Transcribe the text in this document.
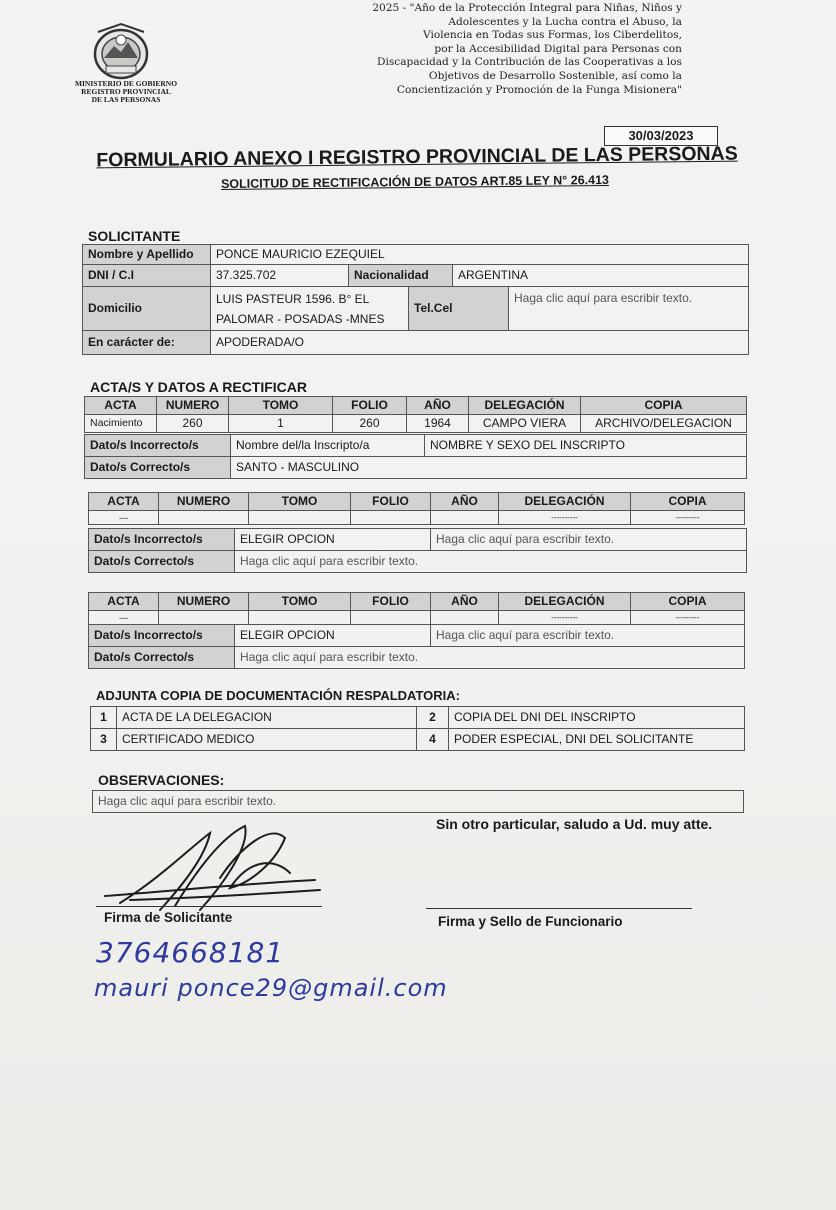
MINISTERIO DE GOBIERNO
REGISTRO PROVINCIAL
DE LAS PERSONAS
2025 - "Año de la Protección Integral para Niñas, Niños y
Adolescentes y la Lucha contra el Abuso, la
Violencia en Todas sus Formas, los Ciberdelitos,
por la Accesibilidad Digital para Personas con
Discapacidad y la Contribución de las Cooperativas a los
Objetivos de Desarrollo Sostenible, así como la
Concientización y Promoción de la Funga Misionera"
30/03/2023
FORMULARIO ANEXO I REGISTRO PROVINCIAL DE LAS PERSONAS
SOLICITUD DE RECTIFICACIÓN DE DATOS ART.85 LEY N° 26.413
SOLICITANTE
Nombre y Apellido	PONCE MAURICIO EZEQUIEL				
DNI / C.I	37.325.702	Nacionalidad		ARGENTINA	
Domicilio	LUIS PASTEUR 1596. B° EL
PALOMAR - POSADAS -MNES		Tel.Cel		Haga clic aquí para escribir texto.
En carácter de:	APODERADA/O				
ACTA/S Y DATOS A RECTIFICAR
ACTA	NUMERO	TOMO	FOLIO	AÑO	DELEGACIÓN	COPIA
Nacimiento	260	1	260	1964	CAMPO VIERA	ARCHIVO/DELEGACION
Dato/s Incorrecto/s	Nombre del/la Inscripto/a	NOMBRE Y SEXO DEL INSCRIPTO
Dato/s Correcto/s	SANTO - MASCULINO	
ACTA	NUMERO	TOMO	FOLIO	AÑO	DELEGACIÓN	COPIA
---					----------	---------
Dato/s Incorrecto/s	ELEGIR OPCION	Haga clic aquí para escribir texto.
Dato/s Correcto/s	Haga clic aquí para escribir texto.	
ACTA	NUMERO	TOMO	FOLIO	AÑO	DELEGACIÓN	COPIA
---					----------	---------
Dato/s Incorrecto/s	ELEGIR OPCION	Haga clic aquí para escribir texto.
Dato/s Correcto/s	Haga clic aquí para escribir texto.	
ADJUNTA COPIA DE DOCUMENTACIÓN RESPALDATORIA:
1	ACTA DE LA DELEGACION	2	COPIA DEL DNI DEL INSCRIPTO
3	CERTIFICADO MEDICO	4	PODER ESPECIAL, DNI DEL SOLICITANTE
OBSERVACIONES:
Haga clic aquí para escribir texto.
Sin otro particular, saludo a Ud. muy atte.
Firma de Solicitante	Firma y Sello de Funcionario
3764668181
mauri ponce29@gmail.com
